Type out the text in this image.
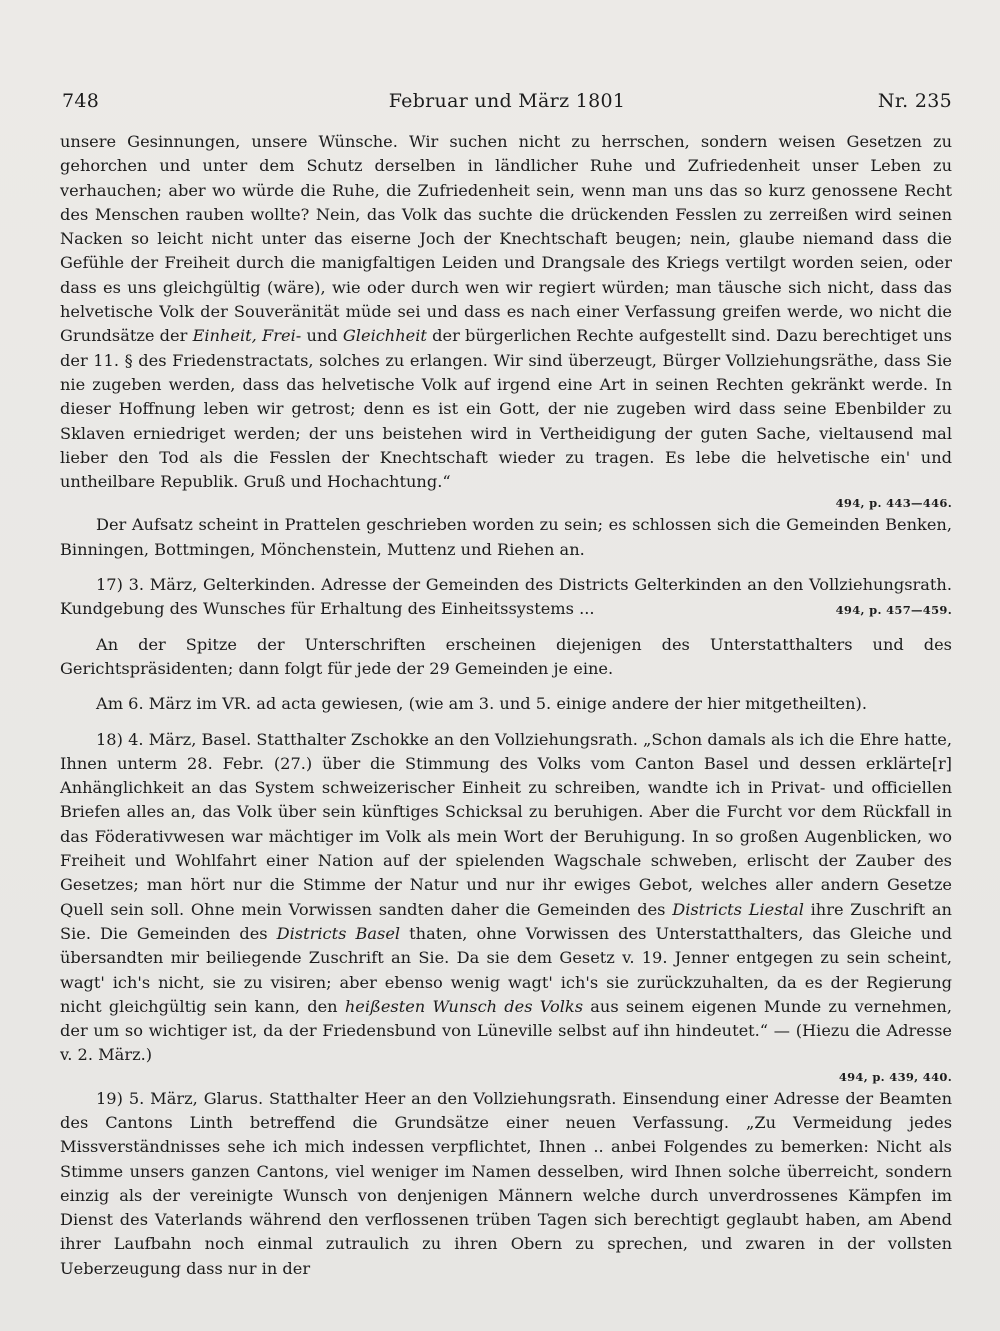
748	Februar und März 1801	Nr. 235

unsere Gesinnungen, unsere Wünsche. Wir suchen nicht zu herrschen, sondern weisen Gesetzen zu gehorchen und unter dem Schutz derselben in ländlicher Ruhe und Zufriedenheit unser Leben zu verhauchen; aber wo würde die Ruhe, die Zufriedenheit sein, wenn man uns das so kurz genossene Recht des Menschen rauben wollte? Nein, das Volk das suchte die drückenden Fesslen zu zerreißen wird seinen Nacken so leicht nicht unter das eiserne Joch der Knechtschaft beugen; nein, glaube niemand dass die Gefühle der Freiheit durch die manigfaltigen Leiden und Drangsale des Kriegs vertilgt worden seien, oder dass es uns gleichgültig (wäre), wie oder durch wen wir regiert würden; man täusche sich nicht, dass das helvetische Volk der Souveränität müde sei und dass es nach einer Verfassung greifen werde, wo nicht die Grundsätze der Einheit, Frei- und Gleichheit der bürgerlichen Rechte aufgestellt sind. Dazu berechtiget uns der 11. § des Friedenstractats, solches zu erlangen. Wir sind überzeugt, Bürger Vollziehungsräthe, dass Sie nie zugeben werden, dass das helvetische Volk auf irgend eine Art in seinen Rechten gekränkt werde. In dieser Hoffnung leben wir getrost; denn es ist ein Gott, der nie zugeben wird dass seine Ebenbilder zu Sklaven erniedriget werden; der uns beistehen wird in Vertheidigung der guten Sache, vieltausend mal lieber den Tod als die Fesslen der Knechtschaft wieder zu tragen. Es lebe die helvetische ein' und untheilbare Republik. Gruß und Hochachtung.“

494, p. 443—446.

Der Aufsatz scheint in Prattelen geschrieben worden zu sein; es schlossen sich die Gemeinden Benken, Binningen, Bottmingen, Mönchenstein, Muttenz und Riehen an.

17) 3. März, Gelterkinden. Adresse der Gemeinden des Districts Gelterkinden an den Vollziehungsrath. Kundgebung des Wunsches für Erhaltung des Einheitssystems ...	494, p. 457—459.

An der Spitze der Unterschriften erscheinen diejenigen des Unterstatthalters und des Gerichtspräsidenten; dann folgt für jede der 29 Gemeinden je eine.

Am 6. März im VR. ad acta gewiesen, (wie am 3. und 5. einige andere der hier mitgetheilten).

18) 4. März, Basel. Statthalter Zschokke an den Vollziehungsrath. „Schon damals als ich die Ehre hatte, Ihnen unterm 28. Febr. (27.) über die Stimmung des Volks vom Canton Basel und dessen erklärte[r] Anhänglichkeit an das System schweizerischer Einheit zu schreiben, wandte ich in Privat- und officiellen Briefen alles an, das Volk über sein künftiges Schicksal zu beruhigen. Aber die Furcht vor dem Rückfall in das Föderativwesen war mächtiger im Volk als mein Wort der Beruhigung. In so großen Augenblicken, wo Freiheit und Wohlfahrt einer Nation auf der spielenden Wagschale schweben, erlischt der Zauber des Gesetzes; man hört nur die Stimme der Natur und nur ihr ewiges Gebot, welches aller andern Gesetze Quell sein soll. Ohne mein Vorwissen sandten daher die Gemeinden des Districts Liestal ihre Zuschrift an Sie. Die Gemeinden des Districts Basel thaten, ohne Vorwissen des Unterstatthalters, das Gleiche und übersandten mir beiliegende Zuschrift an Sie. Da sie dem Gesetz v. 19. Jenner entgegen zu sein scheint, wagt' ich's nicht, sie zu visiren; aber ebenso wenig wagt' ich's sie zurückzuhalten, da es der Regierung nicht gleichgültig sein kann, den heißesten Wunsch des Volks aus seinem eigenen Munde zu vernehmen, der um so wichtiger ist, da der Friedensbund von Lüneville selbst auf ihn hindeutet.“ — (Hiezu die Adresse v. 2. März.)

494, p. 439, 440.

19) 5. März, Glarus. Statthalter Heer an den Vollziehungsrath. Einsendung einer Adresse der Beamten des Cantons Linth betreffend die Grundsätze einer neuen Verfassung. „Zu Vermeidung jedes Missverständnisses sehe ich mich indessen verpflichtet, Ihnen .. anbei Folgendes zu bemerken: Nicht als Stimme unsers ganzen Cantons, viel weniger im Namen desselben, wird Ihnen solche überreicht, sondern einzig als der vereinigte Wunsch von denjenigen Männern welche durch unverdrossenes Kämpfen im Dienst des Vaterlands während den verflossenen trüben Tagen sich berechtigt geglaubt haben, am Abend ihrer Laufbahn noch einmal zutraulich zu ihren Obern zu sprechen, und zwaren in der vollsten Ueberzeugung dass nur in der
